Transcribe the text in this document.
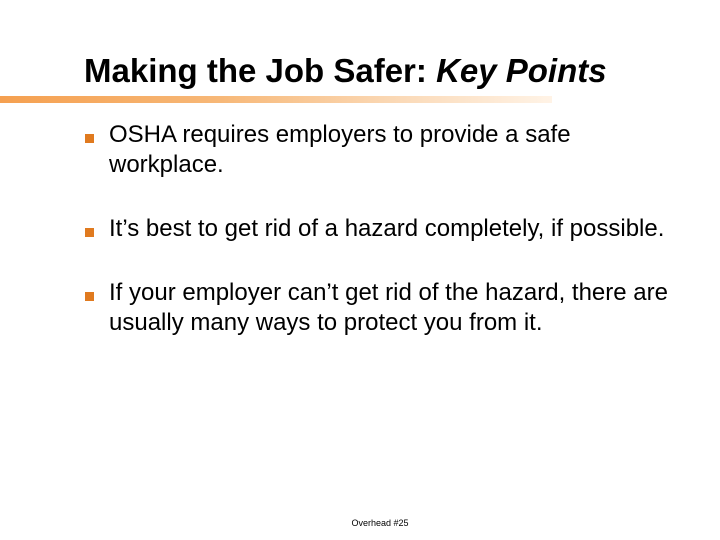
Making the Job Safer: Key Points
OSHA requires employers to provide a safe workplace.
It’s best to get rid of a hazard completely, if possible.
If your employer can’t get rid of the hazard, there are usually many ways to protect you from it.
Overhead #25
